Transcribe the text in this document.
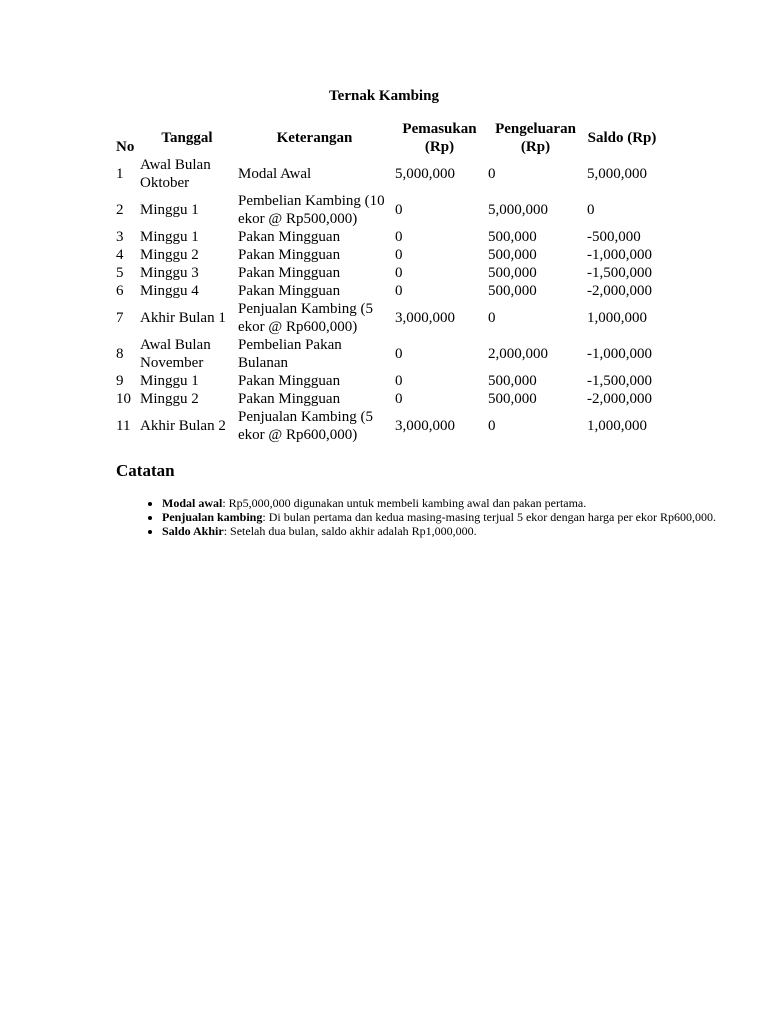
Ternak Kambing
No	Tanggal	Keterangan	Pemasukan (Rp)	Pengeluaran (Rp)	Saldo (Rp)
1	Awal Bulan Oktober	Modal Awal	5,000,000	0	5,000,000
2	Minggu 1	Pembelian Kambing (10 ekor @ Rp500,000)	0	5,000,000	0
3	Minggu 1	Pakan Mingguan	0	500,000	-500,000
4	Minggu 2	Pakan Mingguan	0	500,000	-1,000,000
5	Minggu 3	Pakan Mingguan	0	500,000	-1,500,000
6	Minggu 4	Pakan Mingguan	0	500,000	-2,000,000
7	Akhir Bulan 1	Penjualan Kambing (5 ekor @ Rp600,000)	3,000,000	0	1,000,000
8	Awal Bulan November	Pembelian Pakan Bulanan	0	2,000,000	-1,000,000
9	Minggu 1	Pakan Mingguan	0	500,000	-1,500,000
10	Minggu 2	Pakan Mingguan	0	500,000	-2,000,000
11	Akhir Bulan 2	Penjualan Kambing (5 ekor @ Rp600,000)	3,000,000	0	1,000,000
Catatan
• Modal awal: Rp5,000,000 digunakan untuk membeli kambing awal dan pakan pertama.
• Penjualan kambing: Di bulan pertama dan kedua masing-masing terjual 5 ekor dengan harga per ekor Rp600,000.
• Saldo Akhir: Setelah dua bulan, saldo akhir adalah Rp1,000,000.
